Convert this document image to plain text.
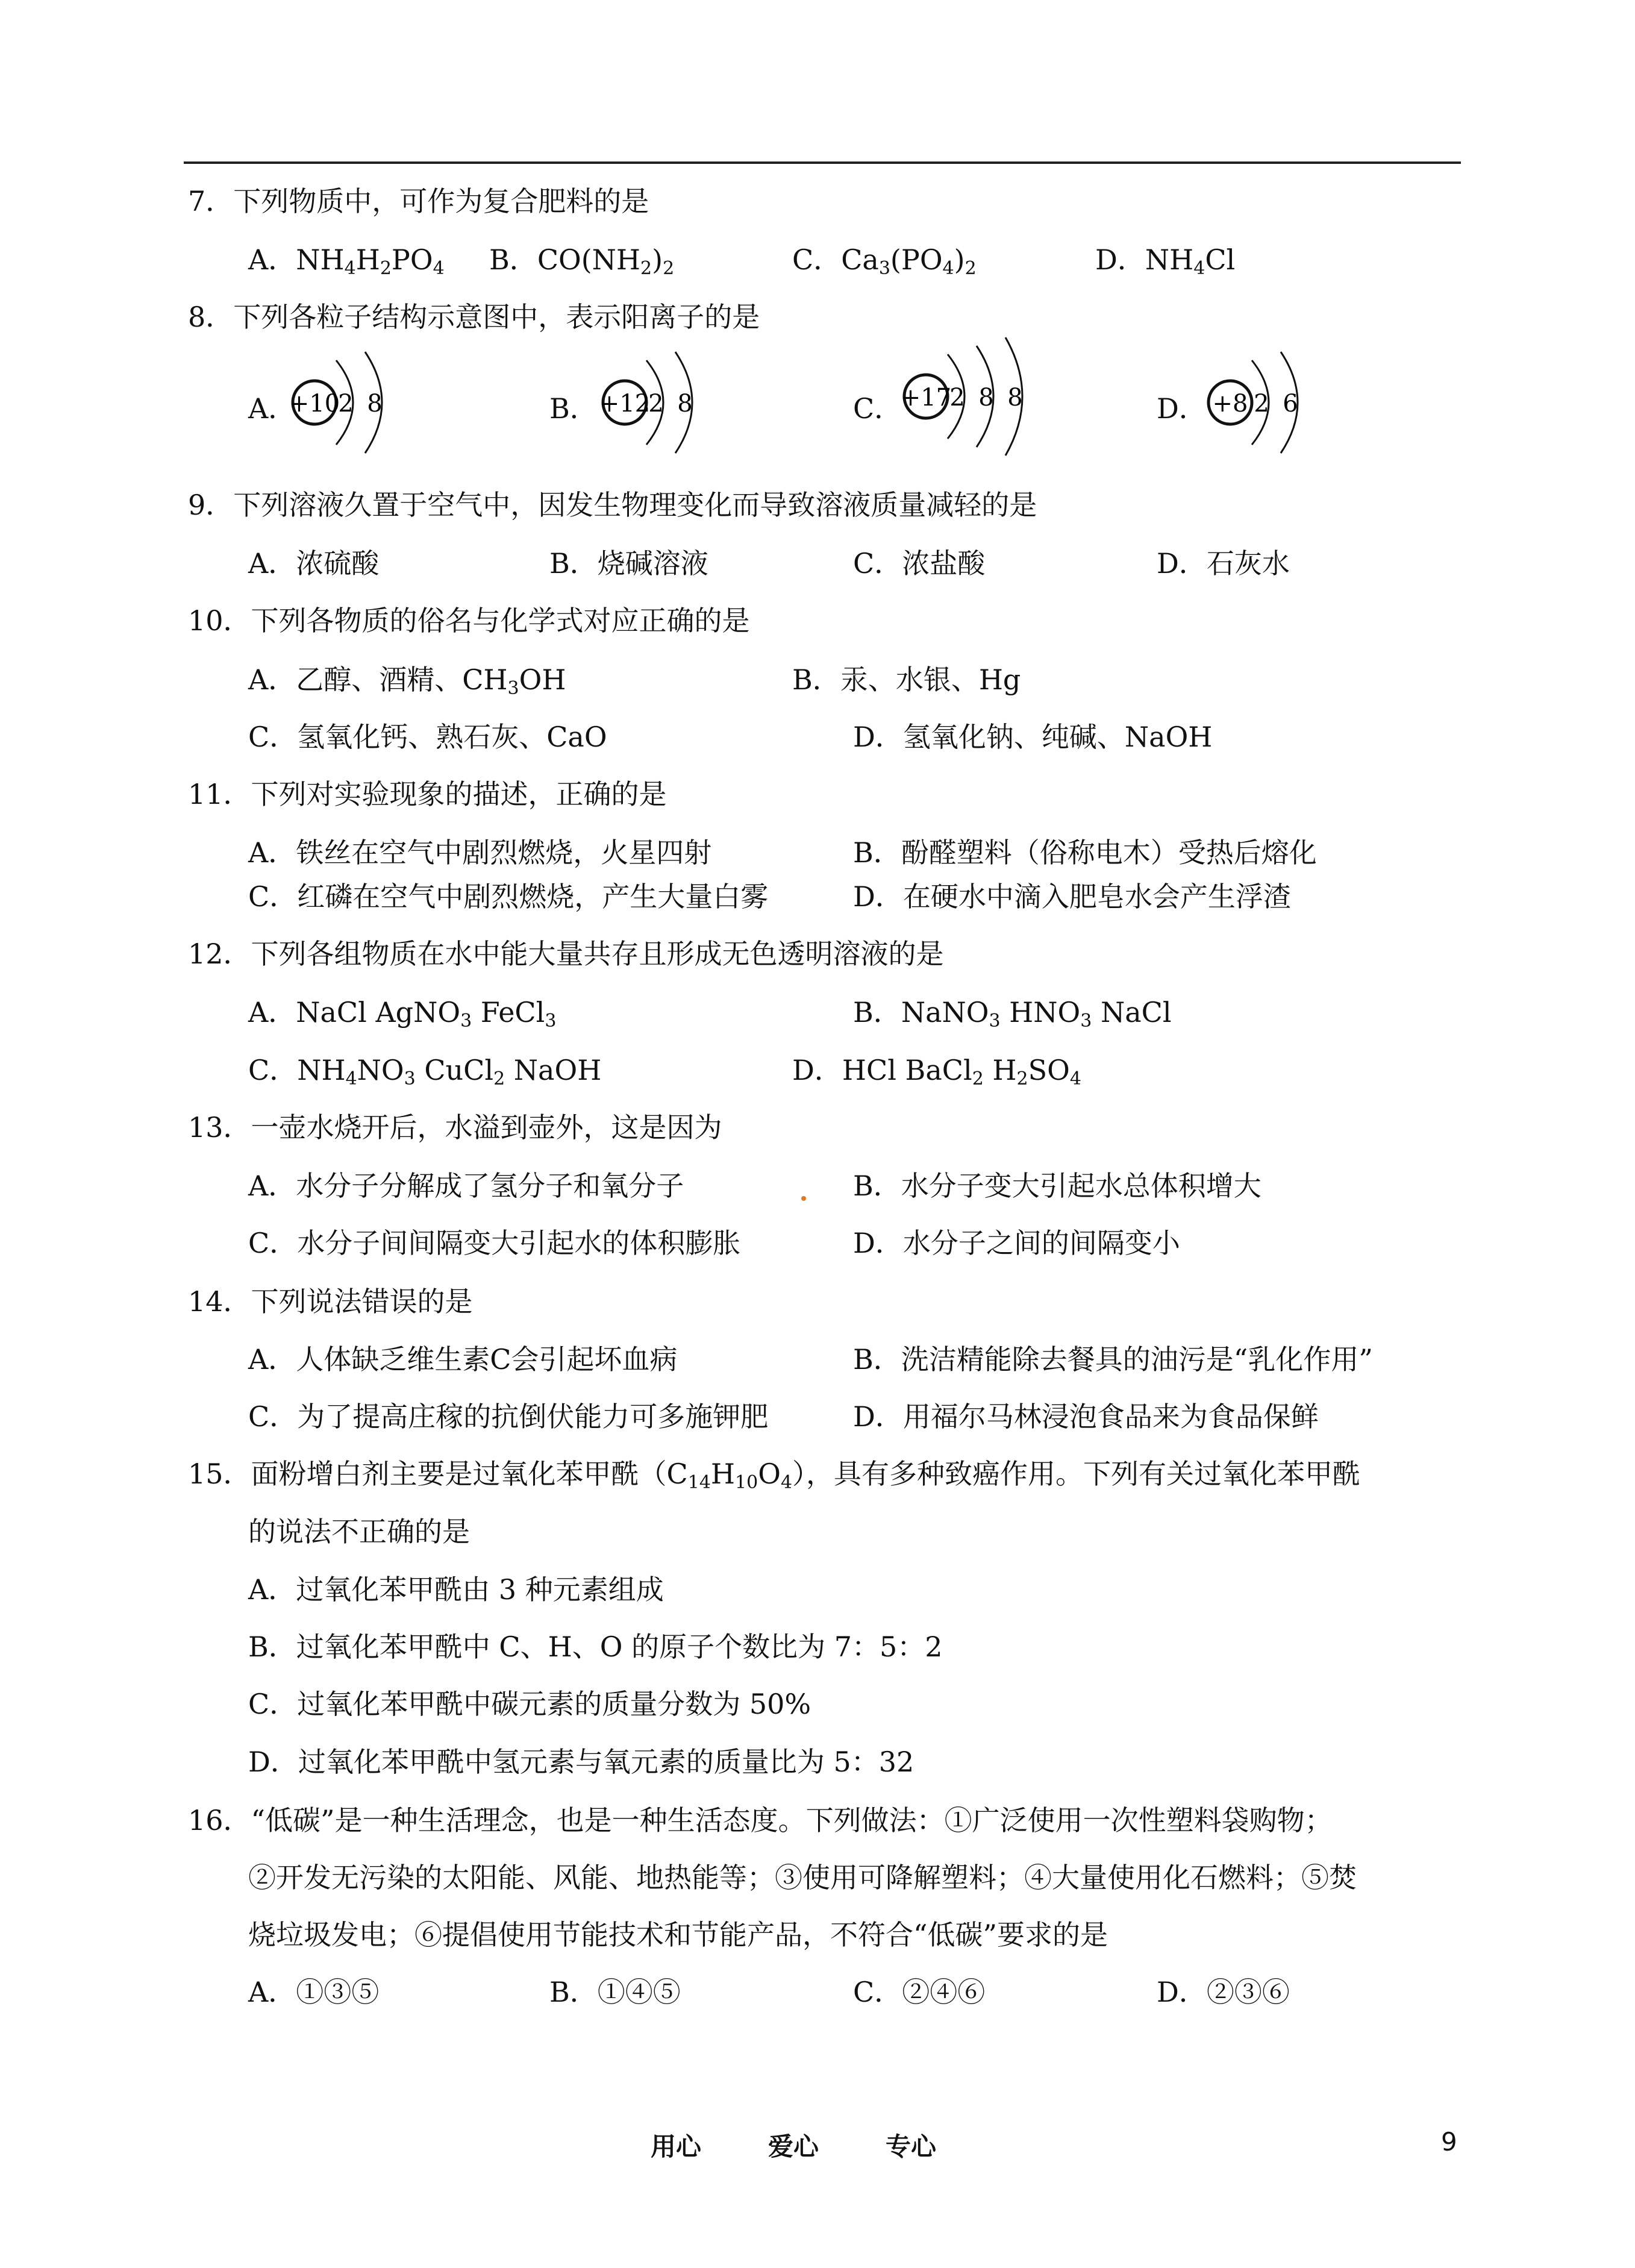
7．下列物质中，可作为复合肥料的是
A．$NH_4H_2PO_4$ B．$CO(NH_2)_2$	C．$Ca_3(PO_4)_2$	D．$NH_4Cl$
8．下列各粒子结构示意图中，表示阳离子的是
A．	B．	C．	D．
+10
2 8	+12
2 8	+17
2 8 8	+8 2 6
9．下列溶液久置于空气中，因发生物理变化而导致溶液质量减轻的是
A．浓硫酸	B．烧碱溶液	C．浓盐酸	D．石灰水
10．下列各物质的俗名与化学式对应正确的是
A．乙醇、酒精、$CH_3OH$	B．汞、水银、Hg
C．氢氧化钙、熟石灰、CaO	D．氢氧化钠、纯碱、NaOH
11．下列对实验现象的描述，正确的是
A．铁丝在空气中剧烈燃烧，火星四射	B．酚醛塑料（俗称电木）受热后熔化
C．红磷在空气中剧烈燃烧，产生大量白雾	D．在硬水中滴入肥皂水会产生浮渣
12．下列各组物质在水中能大量共存且形成无色透明溶液的是
A．NaCl AgNO$_3$ FeCl$_3$	B．NaNO$_3$ $HNO_3$ NaCl
C．$NH_4NO_3$ CuCl$_2$ NaOH	D．HCl BaCl$_2$ $H_2SO_4$
13．一壶水烧开后，水溢到壶外，这是因为
A．水分子分解成了氢分子和氧分子	B．水分子变大引起水总体积增大
C．水分子间间隔变大引起水的体积膨胀	D．水分子之间的间隔变小
14．下列说法错误的是
A．人体缺乏维生素C会引起坏血病	B．洗洁精能除去餐具的油污是“乳化作用”
C．为了提高庄稼的抗倒伏能力可多施钾肥	D．用福尔马林浸泡食品来为食品保鲜
15．面粉增白剂主要是过氧化苯甲酰$(C_{14}H_{10}O_4)$，具有多种致癌作用。下列有关过氧化苯甲酰
的说法不正确的是
A．过氧化苯甲酰由 3 种元素组成
B．过氧化苯甲酰中 C、H、O 的原子个数比为 7：5：2
C．过氧化苯甲酰中碳元素的质量分数为 50%
D．过氧化苯甲酰中氢元素与氧元素的质量比为 5：32
16．“低碳”是一种生活理念，也是一种生活态度。下列做法：①广泛使用一次性塑料袋购物；
②开发无污染的太阳能、风能、地热能等；③使用可降解塑料；④大量使用化石燃料；⑤焚
烧垃圾发电；⑥提倡使用节能技术和节能产品，不符合“低碳”要求的是
A．①③⑤	B．①④⑤	C．②④⑥	D．②③⑥
用心	爱心	专心	9
